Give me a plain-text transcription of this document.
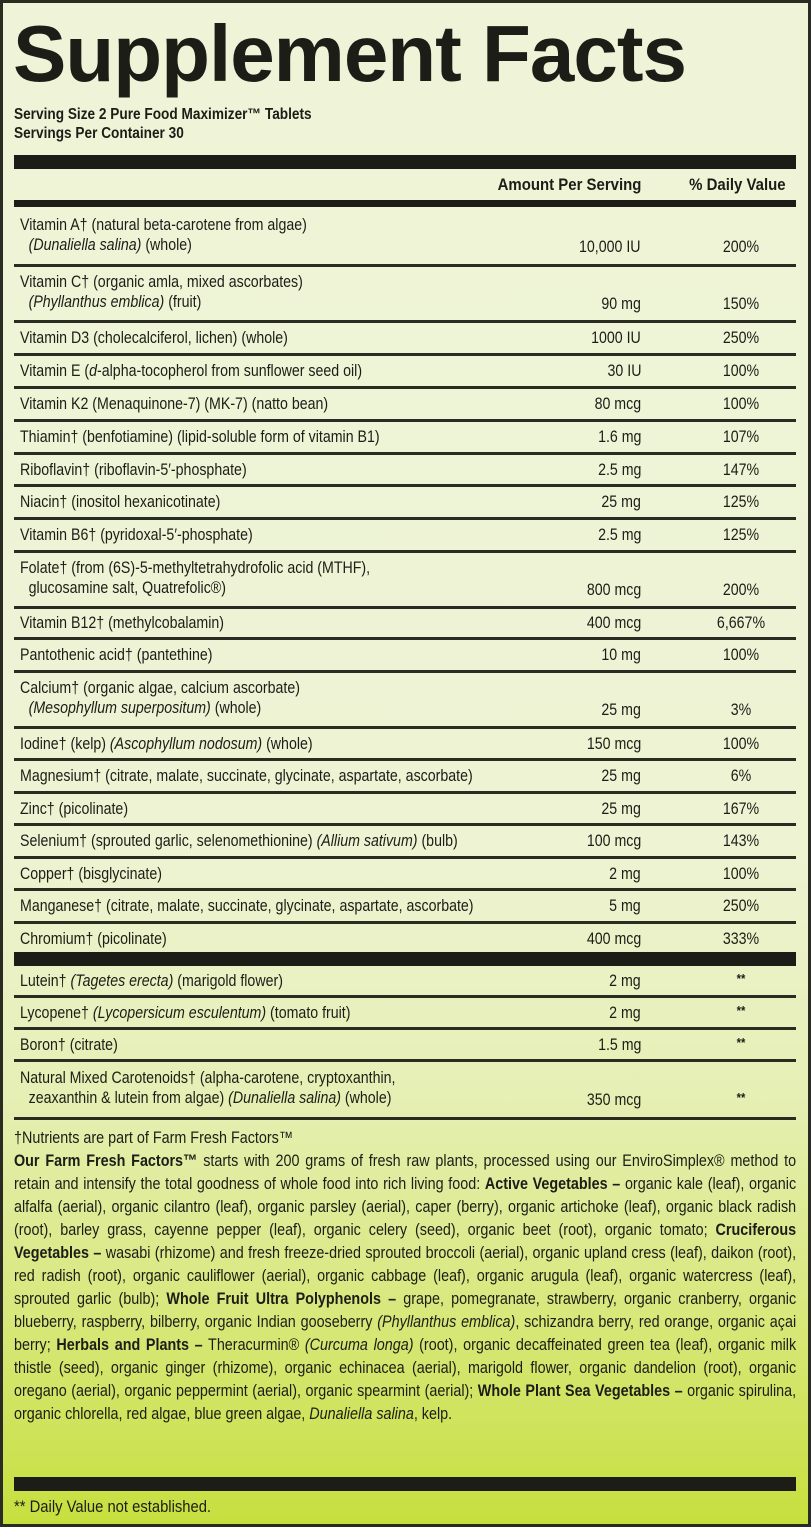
Supplement Facts
Serving Size 2 Pure Food Maximizer™ Tablets
Servings Per Container 30
Amount Per Serving	% Daily Value
Vitamin A† (natural beta-carotene from algae)
(Dunaliella salina) (whole)	10,000 IU	200%
Vitamin C† (organic amla, mixed ascorbates)
(Phyllanthus emblica) (fruit)	90 mg	150%
Vitamin D3 (cholecalciferol, lichen) (whole)	1000 IU	250%
Vitamin E (d-alpha-tocopherol from sunflower seed oil)	30 IU	100%
Vitamin K2 (Menaquinone-7) (MK-7) (natto bean)	80 mcg	100%
Thiamin† (benfotiamine) (lipid-soluble form of vitamin B1)	1.6 mg	107%
Riboflavin† (riboflavin-5′-phosphate)	2.5 mg	147%
Niacin† (inositol hexanicotinate)	25 mg	125%
Vitamin B6† (pyridoxal-5′-phosphate)	2.5 mg	125%
Folate† (from (6S)-5-methyltetrahydrofolic acid (MTHF),
glucosamine salt, Quatrefolic®)	800 mcg	200%
Vitamin B12† (methylcobalamin)	400 mcg	6,667%
Pantothenic acid† (pantethine)	10 mg	100%
Calcium† (organic algae, calcium ascorbate)
(Mesophyllum superpositum) (whole)	25 mg	3%
Iodine† (kelp) (Ascophyllum nodosum) (whole)	150 mcg	100%
Magnesium† (citrate, malate, succinate, glycinate, aspartate, ascorbate)	25 mg	6%
Zinc† (picolinate)	25 mg	167%
Selenium† (sprouted garlic, selenomethionine) (Allium sativum) (bulb)	100 mcg	143%
Copper† (bisglycinate)	2 mg	100%
Manganese† (citrate, malate, succinate, glycinate, aspartate, ascorbate)	5 mg	250%
Chromium† (picolinate)	400 mcg	333%
Lutein† (Tagetes erecta) (marigold flower)	2 mg	**
Lycopene† (Lycopersicum esculentum) (tomato fruit)	2 mg	**
Boron† (citrate)	1.5 mg	**
Natural Mixed Carotenoids† (alpha-carotene, cryptoxanthin,
zeaxanthin & lutein from algae) (Dunaliella salina) (whole)	350 mcg	**
†Nutrients are part of Farm Fresh Factors™
Our Farm Fresh Factors™ starts with 200 grams of fresh raw plants, processed using our EnviroSimplex® method to retain and intensify the total goodness of whole food into rich living food: Active Vegetables – organic kale (leaf), organic alfalfa (aerial), organic cilantro (leaf), organic parsley (aerial), caper (berry), organic artichoke (leaf), organic black radish (root), barley grass, cayenne pepper (leaf), organic celery (seed), organic beet (root), organic tomato; Cruciferous Vegetables – wasabi (rhizome) and fresh freeze-dried sprouted broccoli (aerial), organic upland cress (leaf), daikon (root), red radish (root), organic cauliflower (aerial), organic cabbage (leaf), organic arugula (leaf), organic watercress (leaf), sprouted garlic (bulb); Whole Fruit Ultra Polyphenols – grape, pomegranate, strawberry, organic cranberry, organic blueberry, raspberry, bilberry, organic Indian gooseberry (Phyllanthus emblica), schizandra berry, red orange, organic açai berry; Herbals and Plants – Theracurmin® (Curcuma longa) (root), organic decaffeinated green tea (leaf), organic milk thistle (seed), organic ginger (rhizome), organic echinacea (aerial), marigold flower, organic dandelion (root), organic oregano (aerial), organic peppermint (aerial), organic spearmint (aerial); Whole Plant Sea Vegetables – organic spirulina, organic chlorella, red algae, blue green algae, Dunaliella salina, kelp.
** Daily Value not established.
